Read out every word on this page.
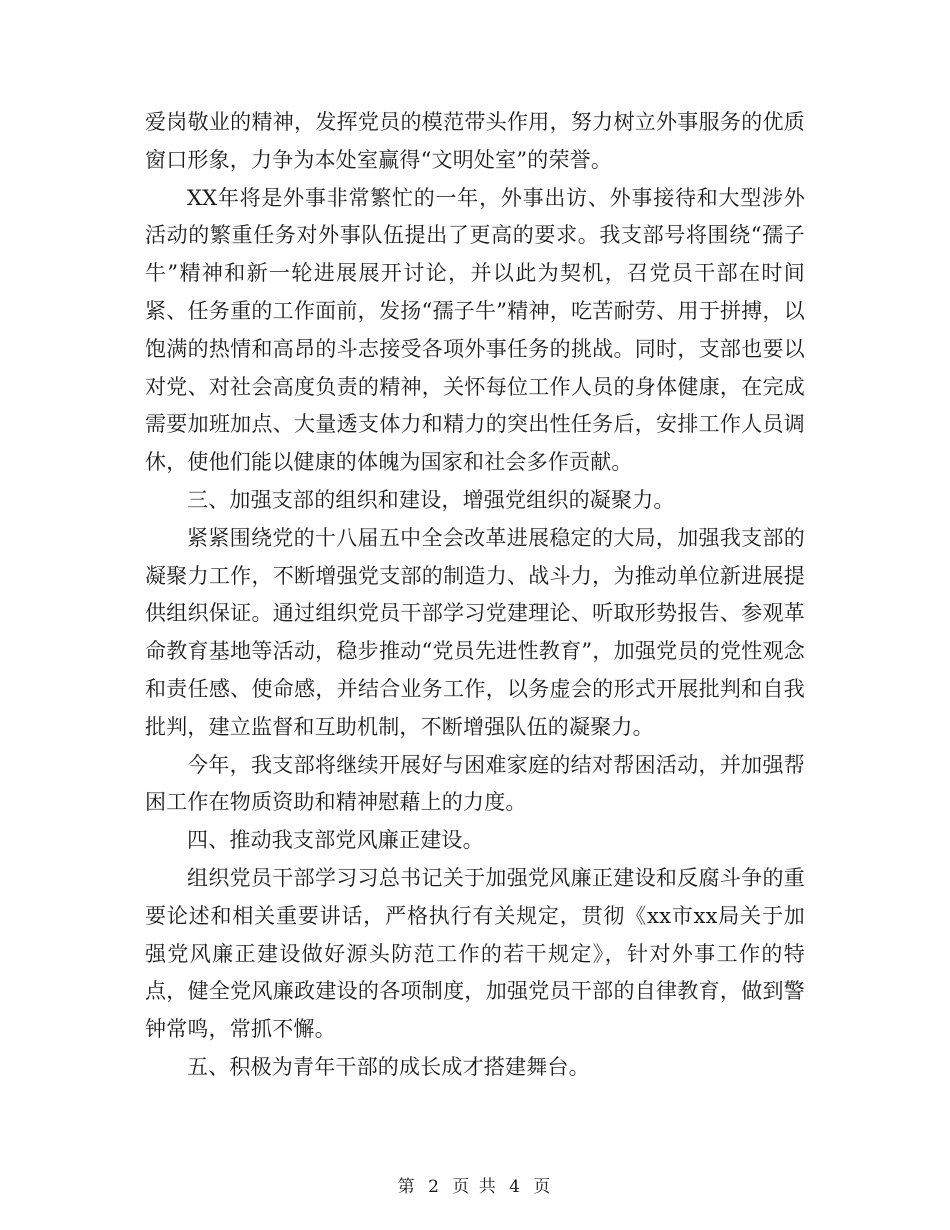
爱岗敬业的精神，发挥党员的模范带头作用，努力树立外事服务的优质窗口形象，力争为本处室赢得“文明处室”的荣誉。

XX年将是外事非常繁忙的一年，外事出访、外事接待和大型涉外活动的繁重任务对外事队伍提出了更高的要求。我支部号将围绕“孺子牛”精神和新一轮进展展开讨论，并以此为契机，召党员干部在时间紧、任务重的工作面前，发扬“孺子牛”精神，吃苦耐劳、用于拼搏，以饱满的热情和高昂的斗志接受各项外事任务的挑战。同时，支部也要以对党、对社会高度负责的精神，关怀每位工作人员的身体健康，在完成需要加班加点、大量透支体力和精力的突出性任务后，安排工作人员调休，使他们能以健康的体魄为国家和社会多作贡献。

三、加强支部的组织和建设，增强党组织的凝聚力。

紧紧围绕党的十八届五中全会改革进展稳定的大局，加强我支部的凝聚力工作，不断增强党支部的制造力、战斗力，为推动单位新进展提供组织保证。通过组织党员干部学习党建理论、听取形势报告、参观革命教育基地等活动，稳步推动“党员先进性教育”，加强党员的党性观念和责任感、使命感，并结合业务工作，以务虚会的形式开展批判和自我批判，建立监督和互助机制，不断增强队伍的凝聚力。

今年，我支部将继续开展好与困难家庭的结对帮困活动，并加强帮困工作在物质资助和精神慰藉上的力度。

四、推动我支部党风廉正建设。

组织党员干部学习习总书记关于加强党风廉正建设和反腐斗争的重要论述和相关重要讲话，严格执行有关规定，贯彻《xx市xx局关于加强党风廉正建设做好源头防范工作的若干规定》，针对外事工作的特点，健全党风廉政建设的各项制度，加强党员干部的自律教育，做到警钟常鸣，常抓不懈。

五、积极为青年干部的成长成才搭建舞台。

第 2 页 共 4 页
